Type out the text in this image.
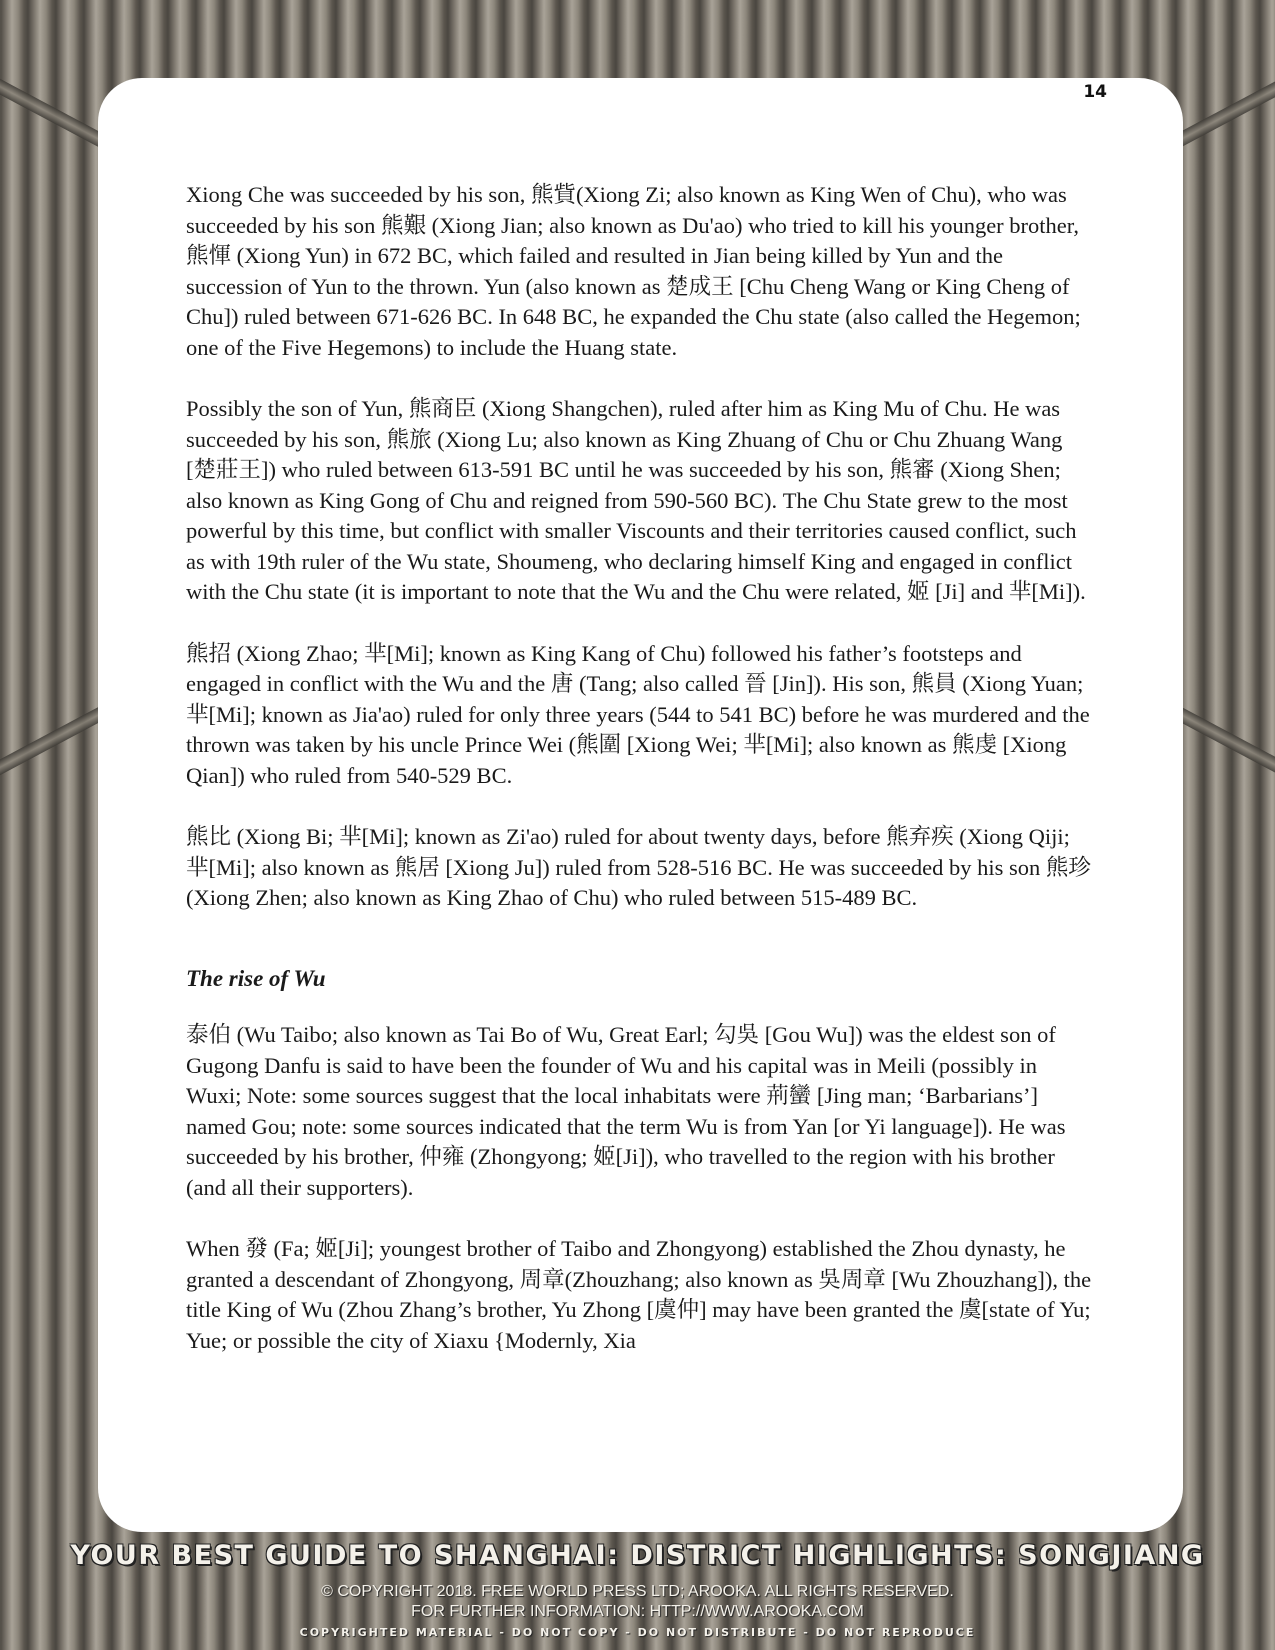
14

Xiong Che was succeeded by his son, 熊貲(Xiong Zi; also known as King Wen of Chu), who was succeeded by his son 熊艱 (Xiong Jian; also known as Du'ao) who tried to kill his younger brother, 熊惲 (Xiong Yun) in 672 BC, which failed and resulted in Jian being killed by Yun and the succession of Yun to the thrown. Yun (also known as 楚成王 [Chu Cheng Wang or King Cheng of Chu]) ruled between 671-626 BC. In 648 BC, he expanded the Chu state (also called the Hegemon; one of the Five Hegemons) to include the Huang state.

Possibly the son of Yun, 熊商臣 (Xiong Shangchen), ruled after him as King Mu of Chu. He was succeeded by his son, 熊旅 (Xiong Lu; also known as King Zhuang of Chu or Chu Zhuang Wang [楚莊王]) who ruled between 613-591 BC until he was succeeded by his son, 熊審 (Xiong Shen; also known as King Gong of Chu and reigned from 590-560 BC). The Chu State grew to the most powerful by this time, but conflict with smaller Viscounts and their territories caused conflict, such as with 19th ruler of the Wu state, Shoumeng, who declaring himself King and engaged in conflict with the Chu state (it is important to note that the Wu and the Chu were related, 姬 [Ji] and 芈[Mi]).

熊招 (Xiong Zhao; 芈[Mi]; known as King Kang of Chu) followed his father’s footsteps and engaged in conflict with the Wu and the 唐 (Tang; also called 晉 [Jin]). His son, 熊員 (Xiong Yuan; 芈[Mi]; known as Jia'ao) ruled for only three years (544 to 541 BC) before he was murdered and the thrown was taken by his uncle Prince Wei (熊圍 [Xiong Wei; 芈[Mi]; also known as 熊虔 [Xiong Qian]) who ruled from 540-529 BC.

熊比 (Xiong Bi; 芈[Mi]; known as Zi'ao) ruled for about twenty days, before 熊弃疾 (Xiong Qiji; 芈[Mi]; also known as 熊居 [Xiong Ju]) ruled from 528-516 BC. He was succeeded by his son 熊珍 (Xiong Zhen; also known as King Zhao of Chu) who ruled between 515-489 BC.

The rise of Wu

泰伯 (Wu Taibo; also known as Tai Bo of Wu, Great Earl; 勾吳 [Gou Wu]) was the eldest son of Gugong Danfu is said to have been the founder of Wu and his capital was in Meili (possibly in Wuxi; Note: some sources suggest that the local inhabitats were 荊蠻 [Jing man; ‘Barbarians’] named Gou; note: some sources indicated that the term Wu is from Yan [or Yi language]). He was succeeded by his brother, 仲雍 (Zhongyong; 姬[Ji]), who travelled to the region with his brother (and all their supporters).

When 發 (Fa; 姬[Ji]; youngest brother of Taibo and Zhongyong) established the Zhou dynasty, he granted a descendant of Zhongyong, 周章(Zhouzhang; also known as 吳周章 [Wu Zhouzhang]), the title King of Wu (Zhou Zhang’s brother, Yu Zhong [虞仲] may have been granted the 虞[state of Yu; Yue; or possible the city of Xiaxu {Modernly, Xia

YOUR BEST GUIDE TO SHANGHAI: DISTRICT HIGHLIGHTS: SONGJIANG
© COPYRIGHT 2018. FREE WORLD PRESS LTD; AROOKA. ALL RIGHTS RESERVED.
FOR FURTHER INFORMATION: HTTP://WWW.AROOKA.COM
COPYRIGHTED MATERIAL - DO NOT COPY - DO NOT DISTRIBUTE - DO NOT REPRODUCE
